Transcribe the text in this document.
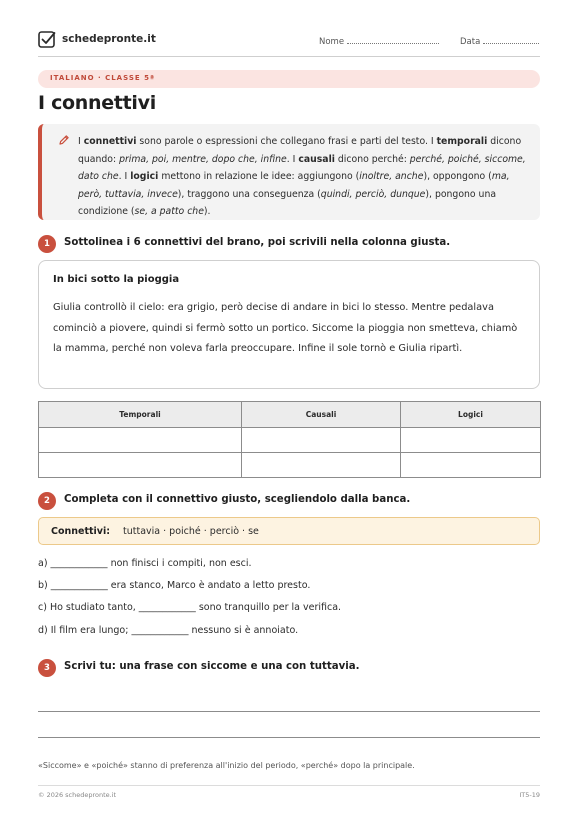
schedepronte.it	Nome	Data
ITALIANO · CLASSE 5ª
I connettivi

I connettivi sono parole o espressioni che collegano frasi e parti del testo. I temporali dicono quando: prima, poi, mentre, dopo che, infine. I causali dicono perché: perché, poiché, siccome, dato che. I logici mettono in relazione le idee: aggiungono (inoltre, anche), oppongono (ma, però, tuttavia, invece), traggono una conseguenza (quindi, perciò, dunque), pongono una condizione (se, a patto che).

1	Sottolinea i 6 connettivi del brano, poi scrivili nella colonna giusta.
In bici sotto la pioggia

Giulia controllò il cielo: era grigio, però decise di andare in bici lo stesso. Mentre pedalava cominciò a piovere, quindi si fermò sotto un portico. Siccome la pioggia non smetteva, chiamò la mamma, perché non voleva farla preoccupare. Infine il sole tornò e Giulia ripartì.

Temporali	Causali	Logici

2	Completa con il connettivo giusto, scegliendolo dalla banca.
Connettivi: tuttavia · poiché · perciò · se
a) ____________ non finisci i compiti, non esci.
b) ____________ era stanco, Marco è andato a letto presto.
c) Ho studiato tanto, ____________ sono tranquillo per la verifica.
d) Il film era lungo; ____________ nessuno si è annoiato.
3	Scrivi tu: una frase con siccome e una con tuttavia.
«Siccome» e «poiché» stanno di preferenza all'inizio del periodo, «perché» dopo la principale.
© 2026 schedepronte.it	IT5-19
